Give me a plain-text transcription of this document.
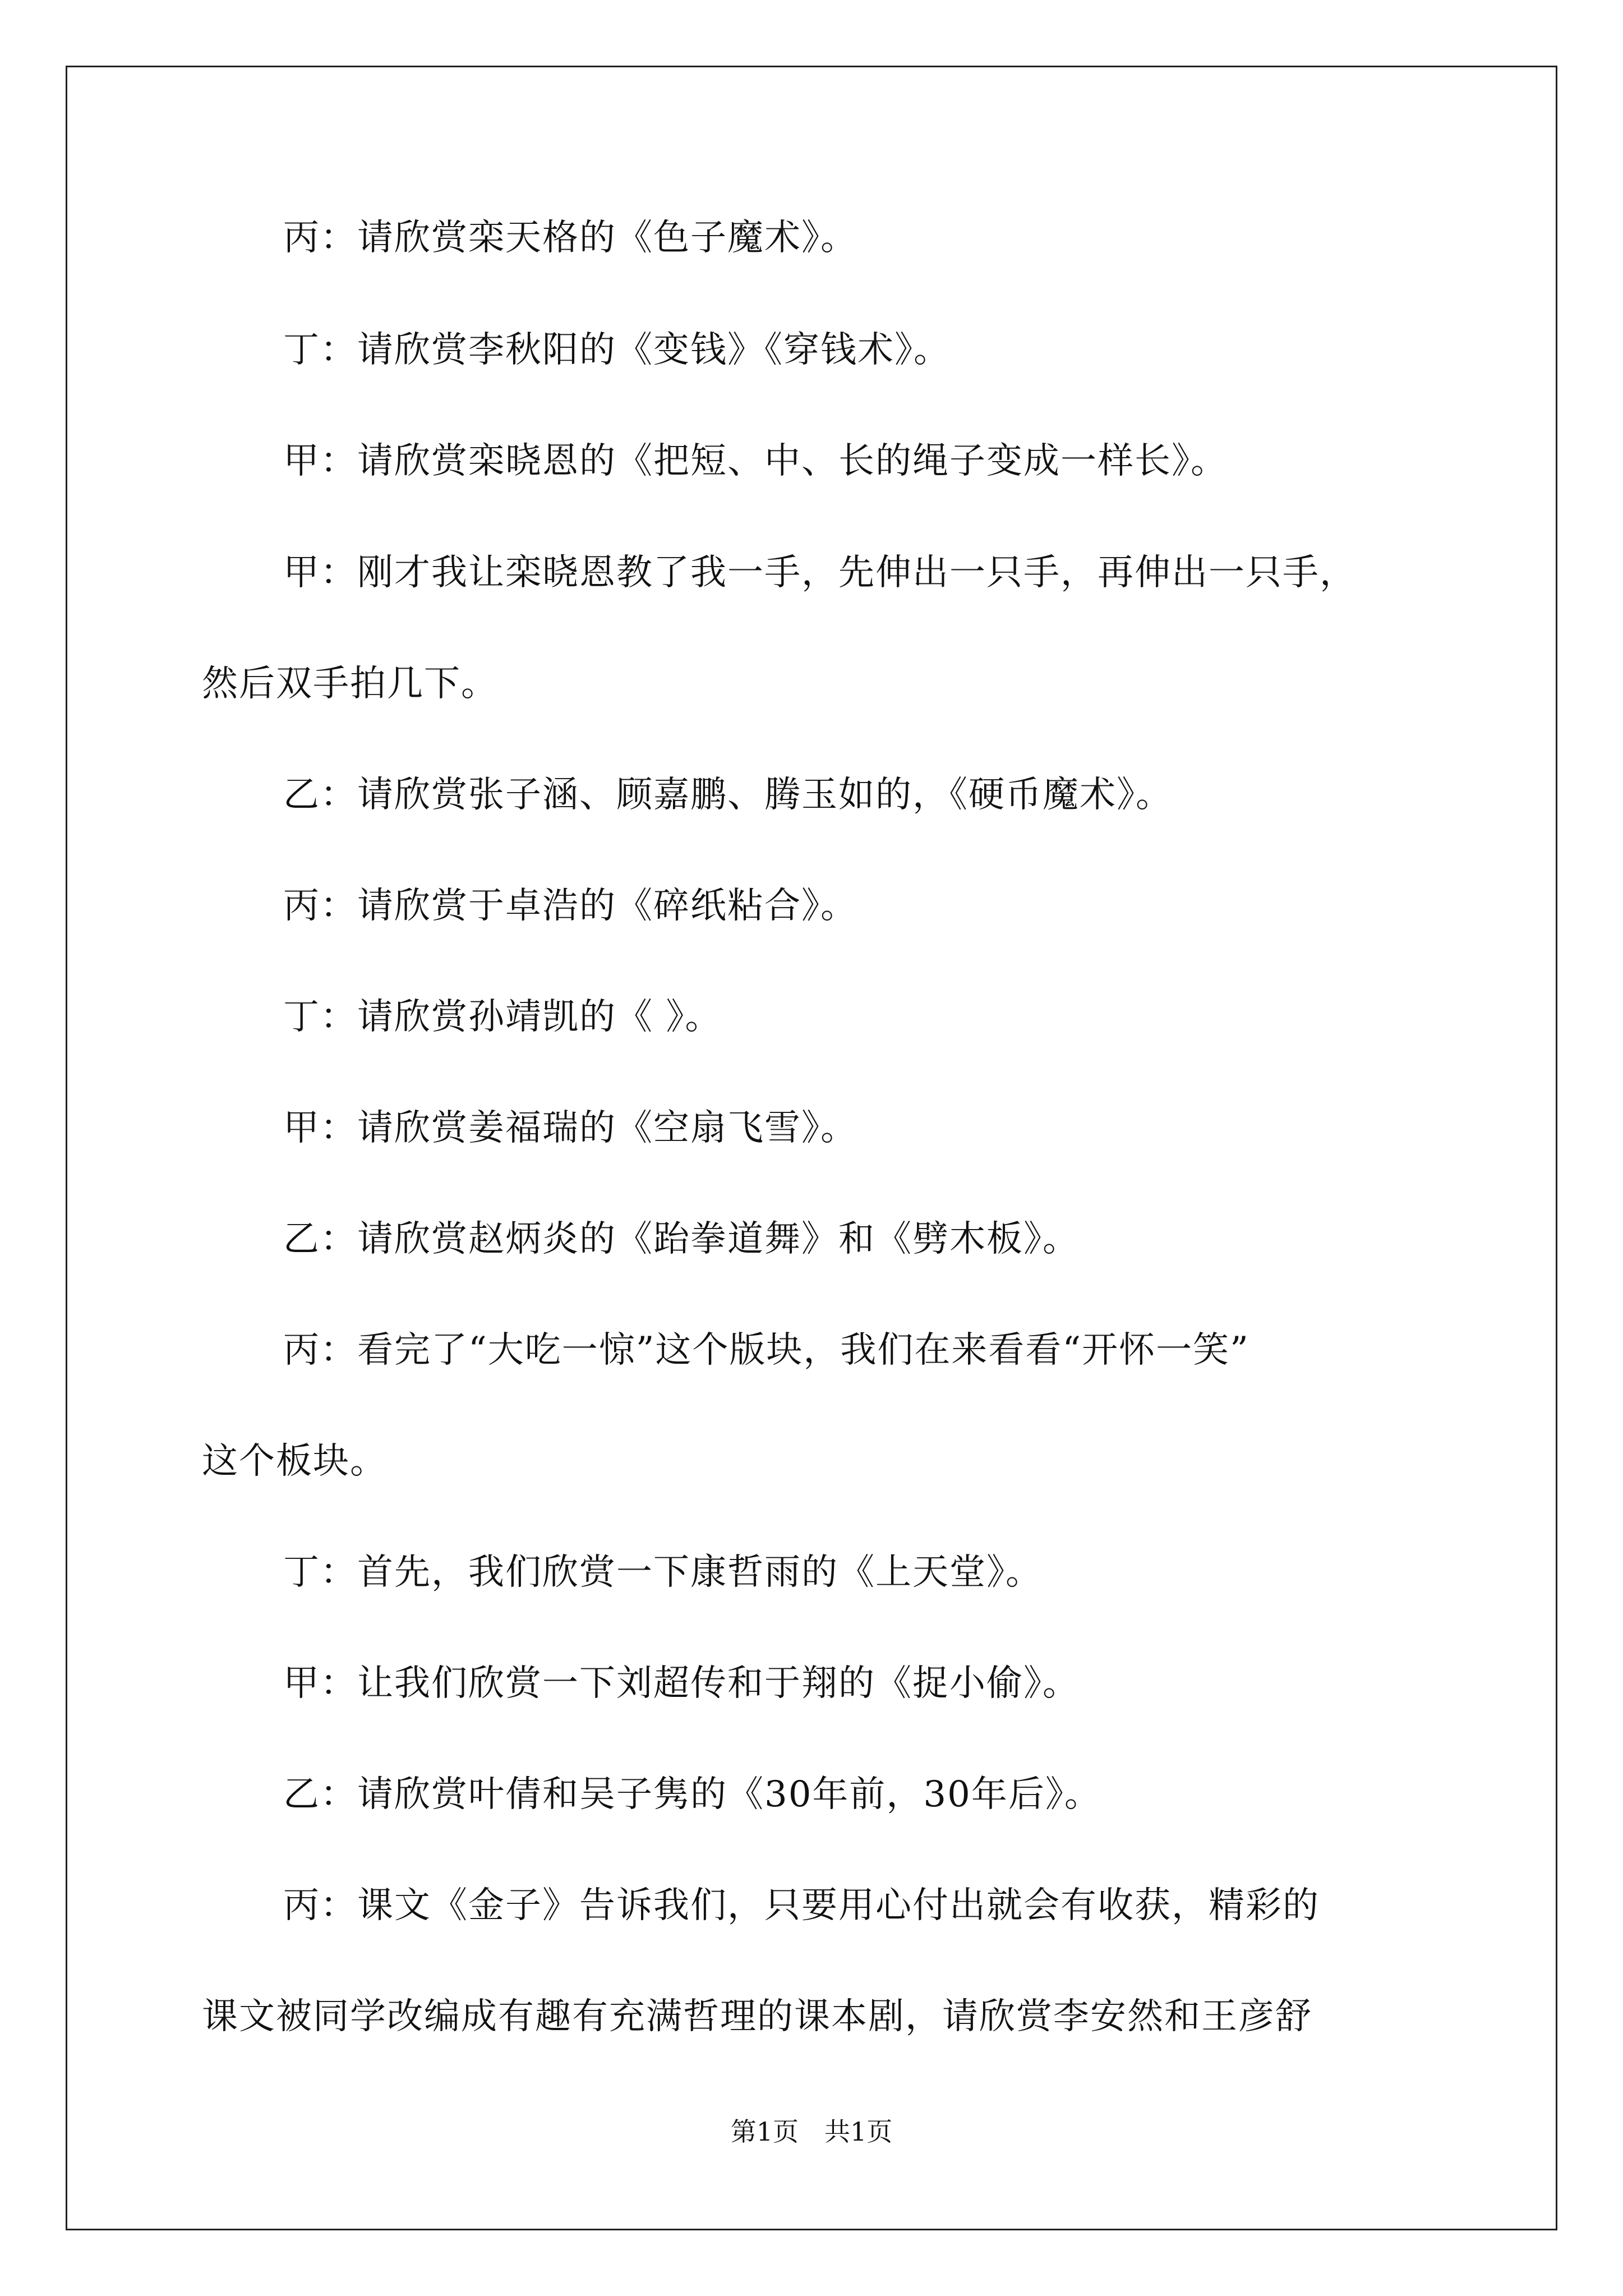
丙：请欣赏栾天格的《色子魔术》。
丁：请欣赏李秋阳的《变钱》《穿钱术》。
甲：请欣赏栾晓恩的《把短、中、长的绳子变成一样长》。
甲：刚才我让栾晓恩教了我一手，先伸出一只手，再伸出一只手，
然后双手拍几下。
乙：请欣赏张子涵、顾嘉鹏、腾玉如的，《硬币魔术》。
丙：请欣赏于卓浩的《碎纸粘合》。
丁：请欣赏孙靖凯的《 》。
甲：请欣赏姜福瑞的《空扇飞雪》。
乙：请欣赏赵炳炎的《跆拳道舞》和《劈木板》。
丙：看完了“大吃一惊”这个版块，我们在来看看“开怀一笑”
这个板块。
丁：首先，我们欣赏一下康哲雨的《上天堂》。
甲：让我们欣赏一下刘超传和于翔的《捉小偷》。
乙：请欣赏叶倩和吴子隽的《30年前，30年后》。
丙：课文《金子》告诉我们，只要用心付出就会有收获，精彩的
课文被同学改编成有趣有充满哲理的课本剧，请欣赏李安然和王彦舒
第1页 共1页
